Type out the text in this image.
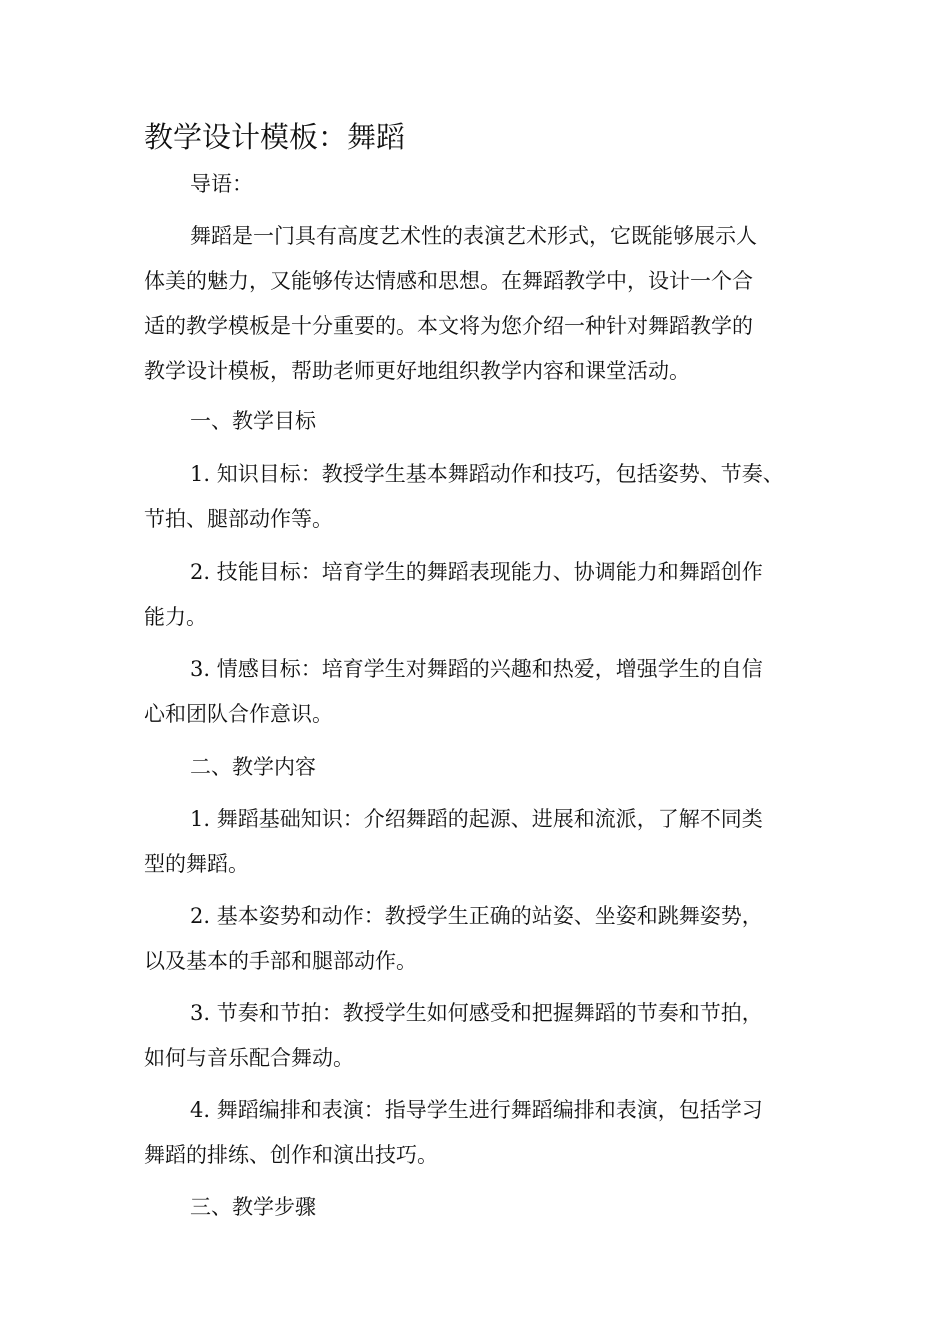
教学设计模板：舞蹈

导语：

舞蹈是一门具有高度艺术性的表演艺术形式，它既能够展示人

体美的魅力，又能够传达情感和思想。在舞蹈教学中，设计一个合

适的教学模板是十分重要的。本文将为您介绍一种针对舞蹈教学的

教学设计模板，帮助老师更好地组织教学内容和课堂活动。

一、教学目标

1. 知识目标：教授学生基本舞蹈动作和技巧，包括姿势、节奏、

节拍、腿部动作等。

2. 技能目标：培育学生的舞蹈表现能力、协调能力和舞蹈创作

能力。

3. 情感目标：培育学生对舞蹈的兴趣和热爱，增强学生的自信

心和团队合作意识。

二、教学内容

1. 舞蹈基础知识：介绍舞蹈的起源、进展和流派，了解不同类

型的舞蹈。

2. 基本姿势和动作：教授学生正确的站姿、坐姿和跳舞姿势，

以及基本的手部和腿部动作。

3. 节奏和节拍：教授学生如何感受和把握舞蹈的节奏和节拍，

如何与音乐配合舞动。

4. 舞蹈编排和表演：指导学生进行舞蹈编排和表演，包括学习

舞蹈的排练、创作和演出技巧。

三、教学步骤
